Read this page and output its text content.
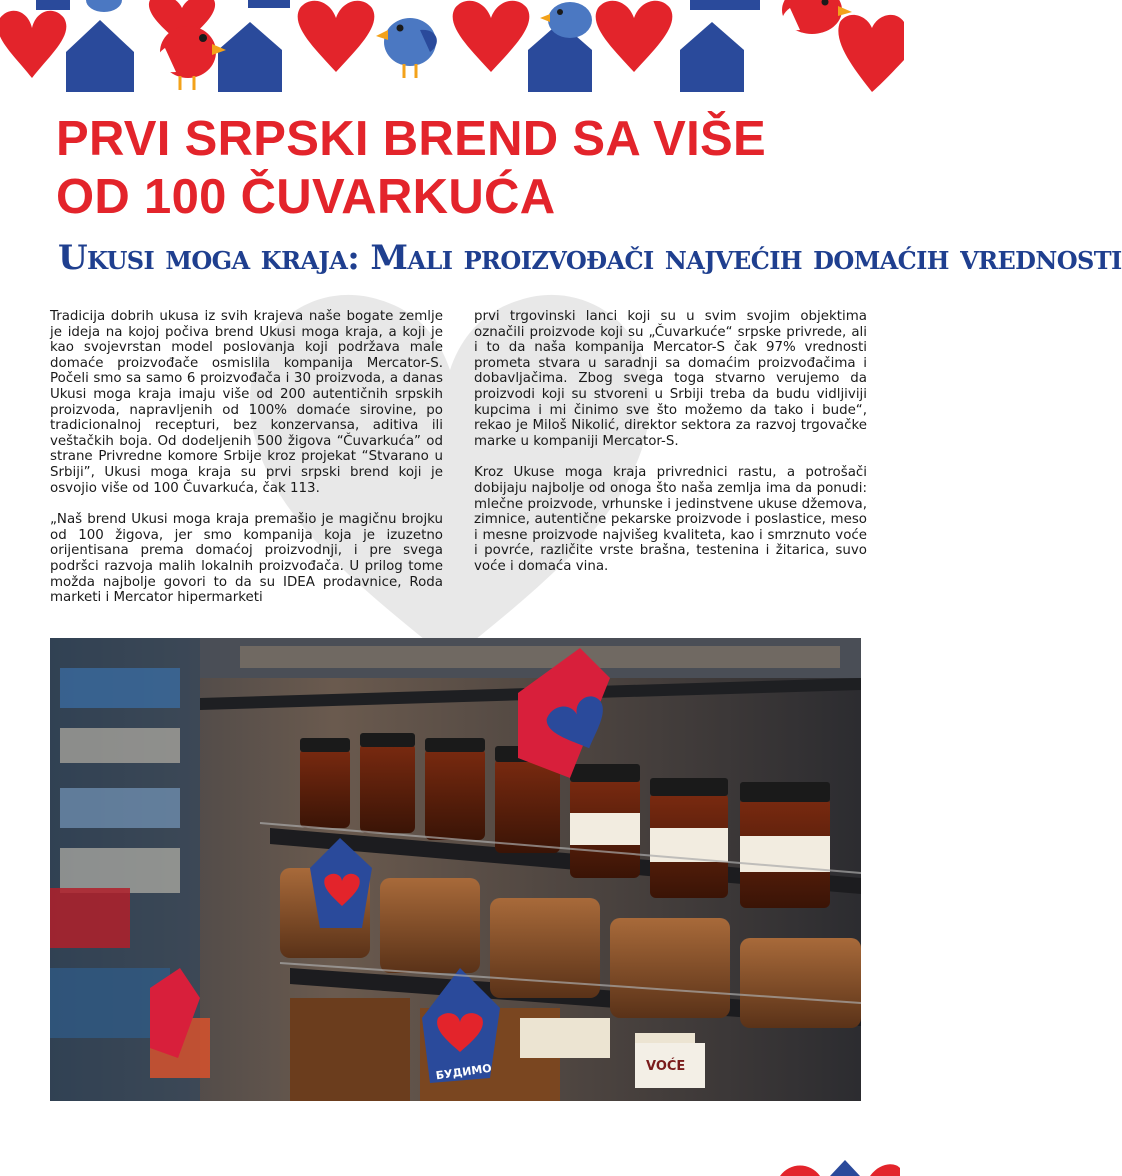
PRVI SRPSKI BREND SA VIŠE
OD 100 ČUVARKUĆA
Ukusi moga kraja: Mali proizvođači najvećih domaćih vrednosti

Tradicija dobrih ukusa iz svih krajeva naše bogate zemlje je ideja na kojoj počiva brend Ukusi moga kraja, a koji je kao svojevrstan model poslovanja koji podržava male domaće proizvođače osmislila kompanija Mercator-S. Počeli smo sa samo 6 proizvođača i 30 proizvoda, a danas Ukusi moga kraja imaju više od 200 autentičnih srpskih proizvoda, napravljenih od 100% domaće sirovine, po tradicionalnoj recepturi, bez konzervansa, aditiva ili veštačkih boja. Od dodeljenih 500 žigova “Čuvarkuća” od strane Privredne komore Srbije kroz projekat “Stvarano u Srbiji”, Ukusi moga kraja su prvi srpski brend koji je osvojio više od 100 Čuvarkuća, čak 113.

„Naš brend Ukusi moga kraja premašio je magičnu brojku od 100 žigova, jer smo kompanija koja je izuzetno orijentisana prema domaćoj proizvodnji, i pre svega podršci razvoja malih lokalnih proizvođača. U prilog tome možda najbolje govori to da su IDEA prodavnice, Roda marketi i Mercator hipermarketi

prvi trgovinski lanci koji su u svim svojim objektima označili proizvode koji su „Čuvarkuće“ srpske privrede, ali i to da naša kompanija Mercator-S čak 97% vrednosti prometa stvara u saradnji sa domaćim proizvođačima i dobavljačima. Zbog svega toga stvarno verujemo da proizvodi koji su stvoreni u Srbiji treba da budu vidljiviji kupcima i mi činimo sve što možemo da tako i bude“, rekao je Miloš Nikolić, direktor sektora za razvoj trgovačke marke u kompaniji Mercator-S.

Kroz Ukuse moga kraja privrednici rastu, a potrošači dobijaju najbolje od onoga što naša zemlja ima da ponudi: mlečne proizvode, vrhunske i jedinstvene ukuse džemova, zimnice, autentične pekarske proizvode i poslastice, meso i mesne proizvode najvišeg kvaliteta, kao i smrznuto voće i povrće, različite vrste brašna, testenina i žitarica, suvo voće i domaća vina.

БУДИМО	VOĆE
